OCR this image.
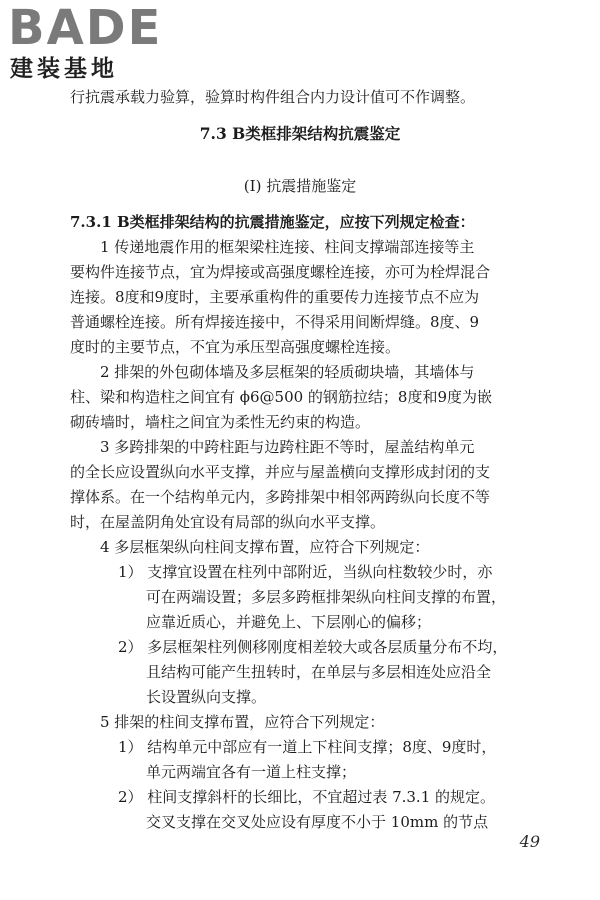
BADE
建装基地
行抗震承载力验算，验算时构件组合内力设计值可不作调整。
7.3 B类框排架结构抗震鉴定
(Ⅰ) 抗震措施鉴定
7.3.1 B类框排架结构的抗震措施鉴定，应按下列规定检查：
1 传递地震作用的框架梁柱连接、柱间支撑端部连接等主
要构件连接节点，宜为焊接或高强度螺栓连接，亦可为栓焊混合
连接。8度和9度时，主要承重构件的重要传力连接节点不应为
普通螺栓连接。所有焊接连接中，不得采用间断焊缝。8度、9
度时的主要节点，不宜为承压型高强度螺栓连接。
2 排架的外包砌体墙及多层框架的轻质砌块墙，其墙体与
柱、梁和构造柱之间宜有 ϕ6@500 的钢筋拉结；8度和9度为嵌
砌砖墙时，墙柱之间宜为柔性无约束的构造。
3 多跨排架的中跨柱距与边跨柱距不等时，屋盖结构单元
的全长应设置纵向水平支撑，并应与屋盖横向支撑形成封闭的支
撑体系。在一个结构单元内，多跨排架中相邻两跨纵向长度不等
时，在屋盖阴角处宜设有局部的纵向水平支撑。
4 多层框架纵向柱间支撑布置，应符合下列规定：
1） 支撑宜设置在柱列中部附近，当纵向柱数较少时，亦
可在两端设置；多层多跨框排架纵向柱间支撑的布置，
应靠近质心，并避免上、下层刚心的偏移；
2） 多层框架柱列侧移刚度相差较大或各层质量分布不均，
且结构可能产生扭转时，在单层与多层相连处应沿全
长设置纵向支撑。
5 排架的柱间支撑布置，应符合下列规定：
1） 结构单元中部应有一道上下柱间支撑；8度、9度时，
单元两端宜各有一道上柱支撑；
2） 柱间支撑斜杆的长细比，不宜超过表 7.3.1 的规定。
交叉支撑在交叉处应设有厚度不小于 10mm 的节点
49
